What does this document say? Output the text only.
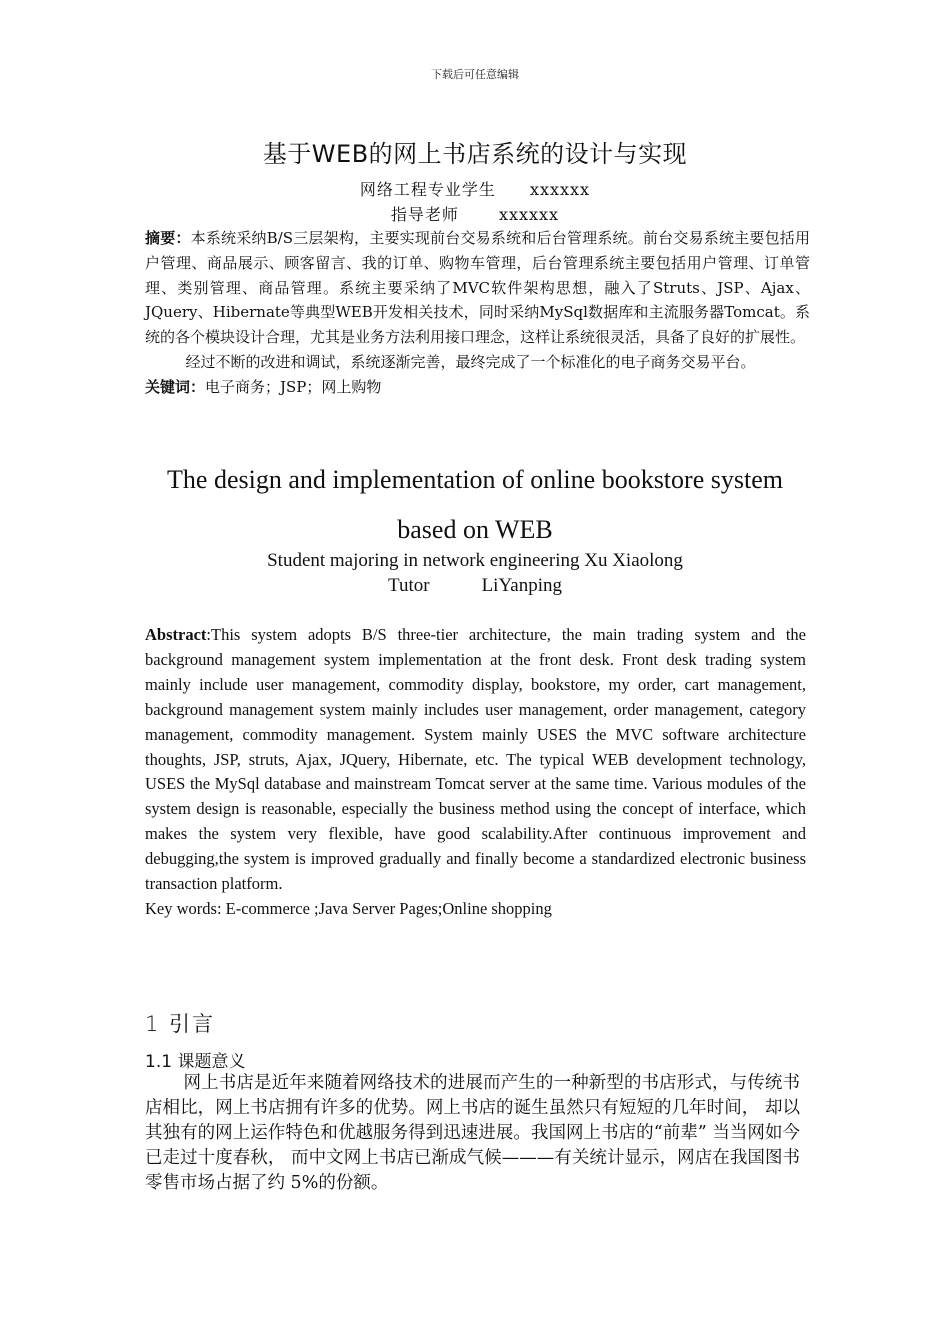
下载后可任意编辑
基于WEB的网上书店系统的设计与实现
网络工程专业学生 xxxxxx
指导老师	xxxxxx

摘要：本系统采纳B/S三层架构，主要实现前台交易系统和后台管理系统。前台交易系统主要包括用户管理、商品展示、顾客留言、我的订单、购物车管理，后台管理系统主要包括用户管理、订单管理、类别管理、商品管理。系统主要采纳了MVC软件架构思想，融入了Struts、JSP、Ajax、JQuery、Hibernate等典型WEB开发相关技术，同时采纳MySql数据库和主流服务器Tomcat。系统的各个模块设计合理，尤其是业务方法利用接口理念，这样让系统很灵活，具备了良好的扩展性。

经过不断的改进和调试，系统逐渐完善，最终完成了一个标准化的电子商务交易平台。

关键词：电子商务；JSP；网上购物

The design and implementation of online bookstore system
based on WEB
Student majoring in network engineering Xu Xiaolong
Tutor	LiYanping

Abstract:This system adopts B/S three-tier architecture, the main trading system and the background management system implementation at the front desk. Front desk trading system mainly include user management, commodity display, bookstore, my order, cart management, background management system mainly includes user management, order management, category management, commodity management. System mainly USES the MVC software architecture thoughts, JSP, struts, Ajax, JQuery, Hibernate, etc. The typical WEB development technology, USES the MySql database and mainstream Tomcat server at the same time. Various modules of the system design is reasonable, especially the business method using the concept of interface, which makes the system very flexible, have good scalability.After continuous improvement and debugging,the system is improved gradually and finally become a standardized electronic business transaction platform.

Key words: E-commerce ;Java Server Pages;Online shopping

1 引言
1.1 课题意义

网上书店是近年来随着网络技术的进展而产生的一种新型的书店形式，与传统书店相比，网上书店拥有许多的优势。网上书店的诞生虽然只有短短的几年时间， 却以其独有的网上运作特色和优越服务得到迅速进展。我国网上书店的“前辈” 当当网如今已走过十度春秋， 而中文网上书店已渐成气候———有关统计显示，网店在我国图书零售市场占据了约 5%的份额。
